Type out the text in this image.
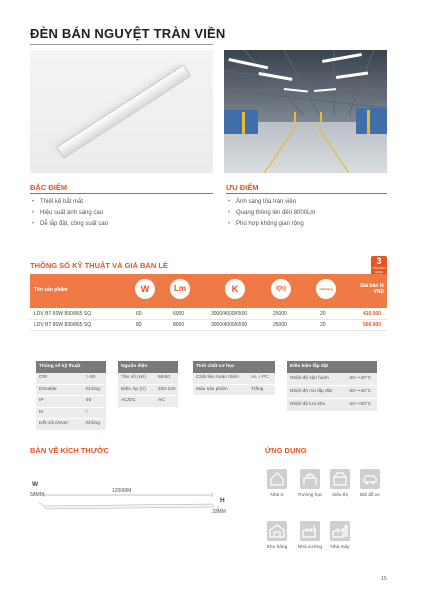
ĐÈN BÁN NGUYỆT TRÀN VIỀN
ĐẶC ĐIỂM
• Thiết kế bắt mắt
• Hiệu suất ánh sáng cao
• Dễ lắp đặt, công suất cao
ƯU ĐIỂM
• Ánh sáng tỏa tràn viền
• Quang thông lên đến 8000Lm
• Phù hợp không gian rộng
THÔNG SỐ KỸ THUẬT VÀ GIÁ BÁN LẺ	3
NĂM BẢO HÀNH
Tên sản phẩm	W	Lm	K	t(h)	switching	Giá bán lẻ VNĐ
LDV BT 60W 830/865 SQ	60	6000	3000/4000/6500	25000	20	410.000
LDV BT 80W 830/865 SQ	80	8000	3000/4000/6500	25000	20	560.000
Thông số kỹ thuật
CRI	> 80
Dimable	Không
IP	40
IK	/
Kết nối Driver	Không
Nguồn điện
Tần số (Hz) 50/60
Điện Áp (V)	220-240
AC/DC	AC
Tính chất cơ học
Chất liệu hoàn thiện	AL + PC
Màu sản phẩm	Trắng
Điều kiện lắp đặt
Nhiệt độ vận hành	-20~+40°C
Nhiệt độ nơi lắp đặt	-20~+40°C
Nhiệt độ lưu kho	-20~+50°C
BẢN VẼ KÍCH THƯỚC
W
58MM
1200MM
H
32MM
ỨNG DỤNG
Nhà ở	Trường học	Siêu thị	Bãi đỗ xe
Kho hàng	Nhà xưởng	Nhà máy
15
